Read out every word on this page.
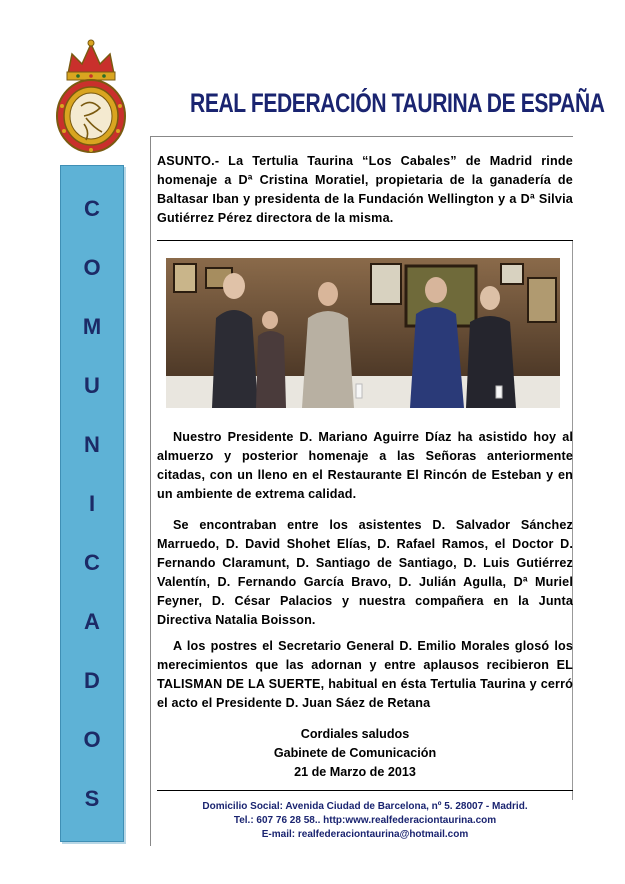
REAL FEDERACIÓN TAURINA DE ESPAÑA
C
O
M
U
N
I
C
A
D
O
S
ASUNTO.- La Tertulia Taurina “Los Cabales” de Madrid rinde homenaje a Dª Cristina Moratiel, propietaria de la ganadería de Baltasar Iban y presidenta de la Fundación Wellington y a Dª Silvia Gutiérrez Pérez directora de la misma.

Nuestro Presidente D. Mariano Aguirre Díaz ha asistido hoy al almuerzo y posterior homenaje a las Señoras anteriormente citadas, con un lleno en el Restaurante El Rincón de Esteban y en un ambiente de extrema calidad.

Se encontraban entre los asistentes D. Salvador Sánchez Marruedo, D. David Shohet Elías, D. Rafael Ramos, el Doctor D. Fernando Claramunt, D. Santiago de Santiago, D. Luis Gutiérrez Valentín, D. Fernando García Bravo, D. Julián Agulla, Dª Muriel Feyner, D. César Palacios y nuestra compañera en la Junta Directiva Natalia Boisson.

A los postres el Secretario General D. Emilio Morales glosó los merecimientos que las adornan y entre aplausos recibieron EL TALISMAN DE LA SUERTE, habitual en ésta Tertulia Taurina y cerró el acto el Presidente D. Juan Sáez de Retana

Cordiales saludos
Gabinete de Comunicación
21 de Marzo de 2013
Domicilio Social: Avenida Ciudad de Barcelona, nº 5. 28007 - Madrid.
Tel.: 607 76 28 58.. http:www.realfederaciontaurina.com
E-mail: realfederaciontaurina@hotmail.com
